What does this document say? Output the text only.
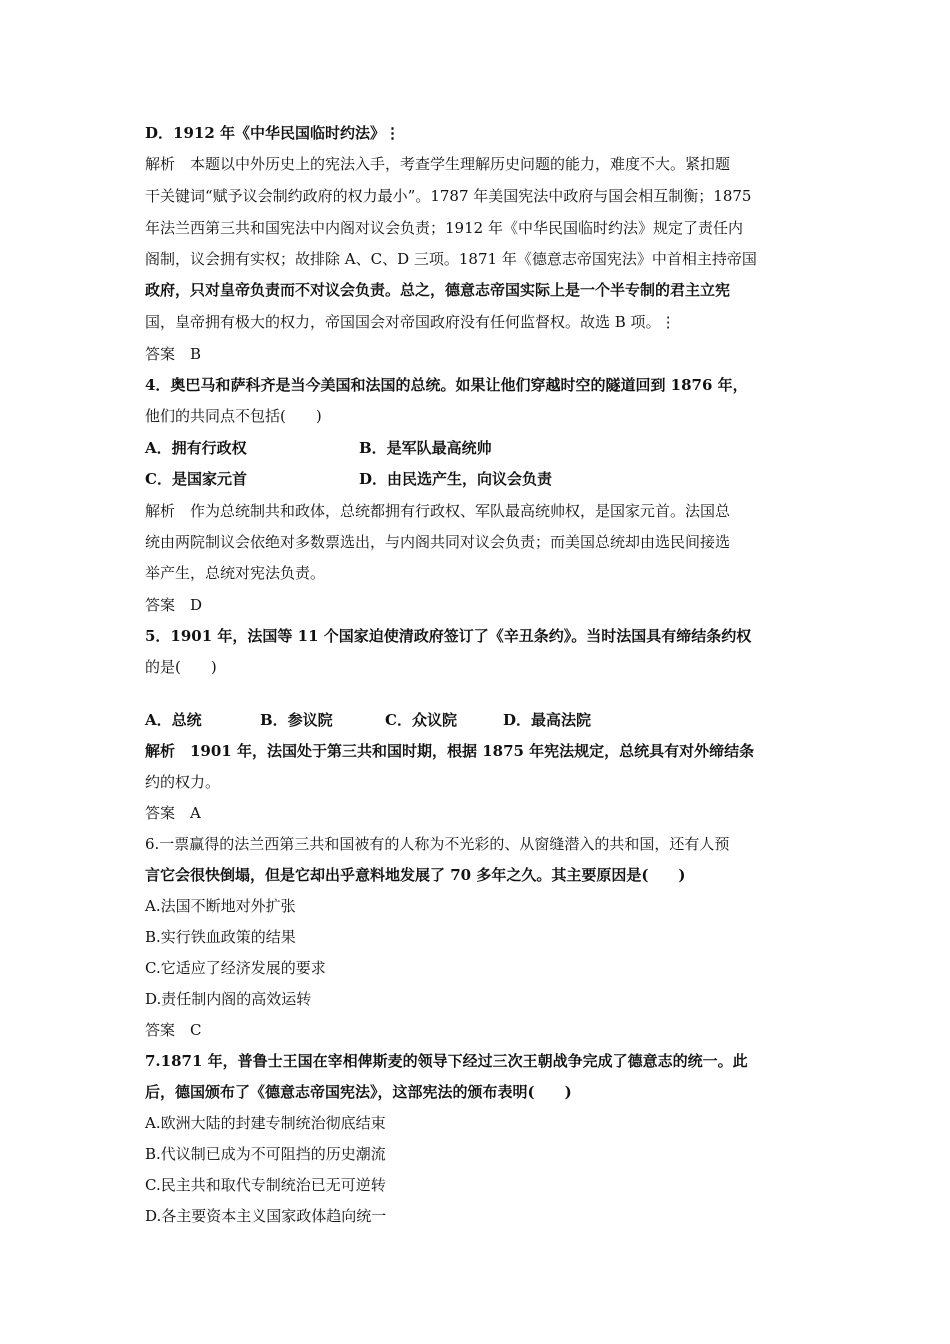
D．1912 年《中华民国临时约法》⋮
解析　本题以中外历史上的宪法入手，考查学生理解历史问题的能力，难度不大。紧扣题
干关键词“赋予议会制约政府的权力最小”。1787 年美国宪法中政府与国会相互制衡；1875
年法兰西第三共和国宪法中内阁对议会负责；1912 年《中华民国临时约法》规定了责任内
阁制，议会拥有实权；故排除 A、C、D 三项。1871 年《德意志帝国宪法》中首相主持帝国
政府，只对皇帝负责而不对议会负责。总之，德意志帝国实际上是一个半专制的君主立宪
国，皇帝拥有极大的权力，帝国国会对帝国政府没有任何监督权。故选 B 项。⋮
答案　B
4．奥巴马和萨科齐是当今美国和法国的总统。如果让他们穿越时空的隧道回到 1876 年，
他们的共同点不包括(　　)
A．拥有行政权	B．是军队最高统帅
C．是国家元首	D．由民选产生，向议会负责
解析　作为总统制共和政体，总统都拥有行政权、军队最高统帅权，是国家元首。法国总
统由两院制议会依绝对多数票选出，与内阁共同对议会负责；而美国总统却由选民间接选
举产生，总统对宪法负责。
答案　D
5．1901 年，法国等 11 个国家迫使清政府签订了《辛丑条约》。当时法国具有缔结条约权
的是(　　)
A．总统	B．参议院	C．众议院	D．最高法院
解析　1901 年，法国处于第三共和国时期，根据 1875 年宪法规定，总统具有对外缔结条
约的权力。
答案　A
6.一票赢得的法兰西第三共和国被有的人称为不光彩的、从窗缝潜入的共和国，还有人预
言它会很快倒塌，但是它却出乎意料地发展了 70 多年之久。其主要原因是(　　)
A.法国不断地对外扩张
B.实行铁血政策的结果
C.它适应了经济发展的要求
D.责任制内阁的高效运转
答案　C
7.1871 年，普鲁士王国在宰相俾斯麦的领导下经过三次王朝战争完成了德意志的统一。此
后，德国颁布了《德意志帝国宪法》，这部宪法的颁布表明(　　)
A.欧洲大陆的封建专制统治彻底结束
B.代议制已成为不可阻挡的历史潮流
C.民主共和取代专制统治已无可逆转
D.各主要资本主义国家政体趋向统一
